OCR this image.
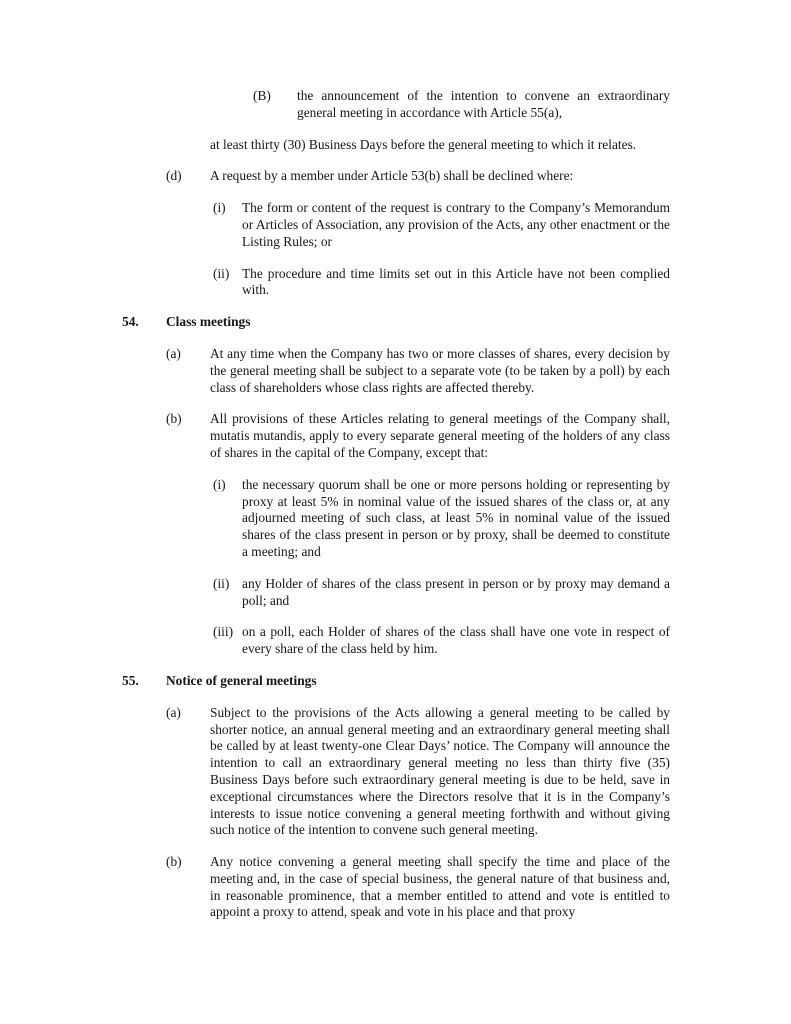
(B)	the announcement of the intention to convene an extraordinary general meeting in accordance with Article 55(a),
at least thirty (30) Business Days before the general meeting to which it relates.
(d)	A request by a member under Article 53(b) shall be declined where:
(i)	The form or content of the request is contrary to the Company’s Memorandum or Articles of Association, any provision of the Acts, any other enactment or the Listing Rules; or
(ii) The procedure and time limits set out in this Article have not been complied with.
54.	Class meetings
(a)	At any time when the Company has two or more classes of shares, every decision by the general meeting shall be subject to a separate vote (to be taken by a poll) by each class of shareholders whose class rights are affected thereby.
(b)	All provisions of these Articles relating to general meetings of the Company shall, mutatis mutandis, apply to every separate general meeting of the holders of any class of shares in the capital of the Company, except that:
(i)	the necessary quorum shall be one or more persons holding or representing by proxy at least 5% in nominal value of the issued shares of the class or, at any adjourned meeting of such class, at least 5% in nominal value of the issued shares of the class present in person or by proxy, shall be deemed to constitute a meeting; and
(ii) any Holder of shares of the class present in person or by proxy may demand a poll; and
(iii) on a poll, each Holder of shares of the class shall have one vote in respect of every share of the class held by him.
55.	Notice of general meetings
(a)	Subject to the provisions of the Acts allowing a general meeting to be called by shorter notice, an annual general meeting and an extraordinary general meeting shall be called by at least twenty-one Clear Days’ notice. The Company will announce the intention to call an extraordinary general meeting no less than thirty five (35) Business Days before such extraordinary general meeting is due to be held, save in exceptional circumstances where the Directors resolve that it is in the Company’s interests to issue notice convening a general meeting forthwith and without giving such notice of the intention to convene such general meeting.
(b)	Any notice convening a general meeting shall specify the time and place of the meeting and, in the case of special business, the general nature of that business and, in reasonable prominence, that a member entitled to attend and vote is entitled to appoint a proxy to attend, speak and vote in his place and that proxy
